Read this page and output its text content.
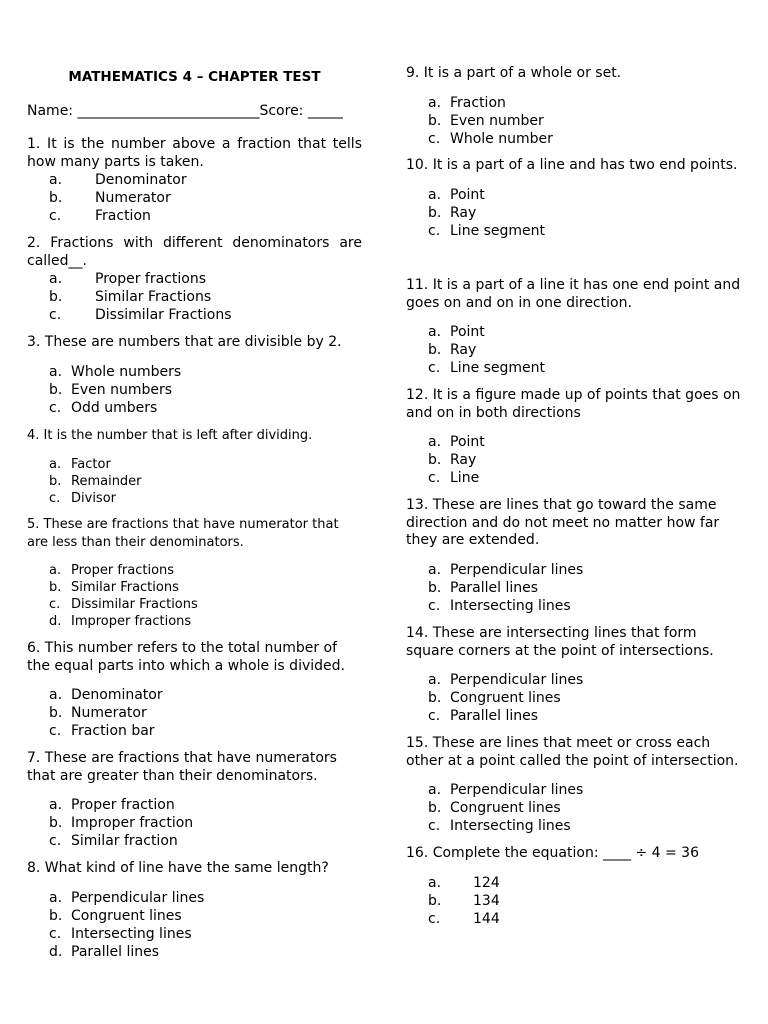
MATHEMATICS 4 – CHAPTER TEST
Name: __________________________Score: _____

1. It is the number above a fraction that tells how many parts is taken.

a.	Denominator
b.	Numerator
c.	Fraction

2. Fractions with different denominators are called__.

a.	Proper fractions
b.	Similar Fractions
c.	Dissimilar Fractions

3. These are numbers that are divisible by 2.

a. Whole numbers
b. Even numbers
c. Odd umbers

4. It is the number that is left after dividing.

a. Factor
b. Remainder
c. Divisor

5. These are fractions that have numerator that are less than their denominators.

a. Proper fractions
b. Similar Fractions
c. Dissimilar Fractions
d. Improper fractions

6. This number refers to the total number of the equal parts into which a whole is divided.

a. Denominator
b. Numerator
c. Fraction bar

7. These are fractions that have numerators that are greater than their denominators.

a. Proper fraction
b. Improper fraction
c. Similar fraction

8. What kind of line have the same length?

a. Perpendicular lines
b. Congruent lines
c. Intersecting lines
d. Parallel lines

9. It is a part of a whole or set.

a. Fraction
b. Even number
c. Whole number

10. It is a part of a line and has two end points.

a. Point
b. Ray
c. Line segment

11. It is a part of a line it has one end point and goes on and on in one direction.

a. Point
b. Ray
c. Line segment

12. It is a figure made up of points that goes on and on in both directions

a. Point
b. Ray
c. Line

13. These are lines that go toward the same direction and do not meet no matter how far they are extended.

a. Perpendicular lines
b. Parallel lines
c. Intersecting lines

14. These are intersecting lines that form square corners at the point of intersections.

a. Perpendicular lines
b. Congruent lines
c. Parallel lines

15. These are lines that meet or cross each other at a point called the point of intersection.

a. Perpendicular lines
b. Congruent lines
c. Intersecting lines

16. Complete the equation: ____ ÷ 4 = 36

a.	124
b.	134
c.	144
